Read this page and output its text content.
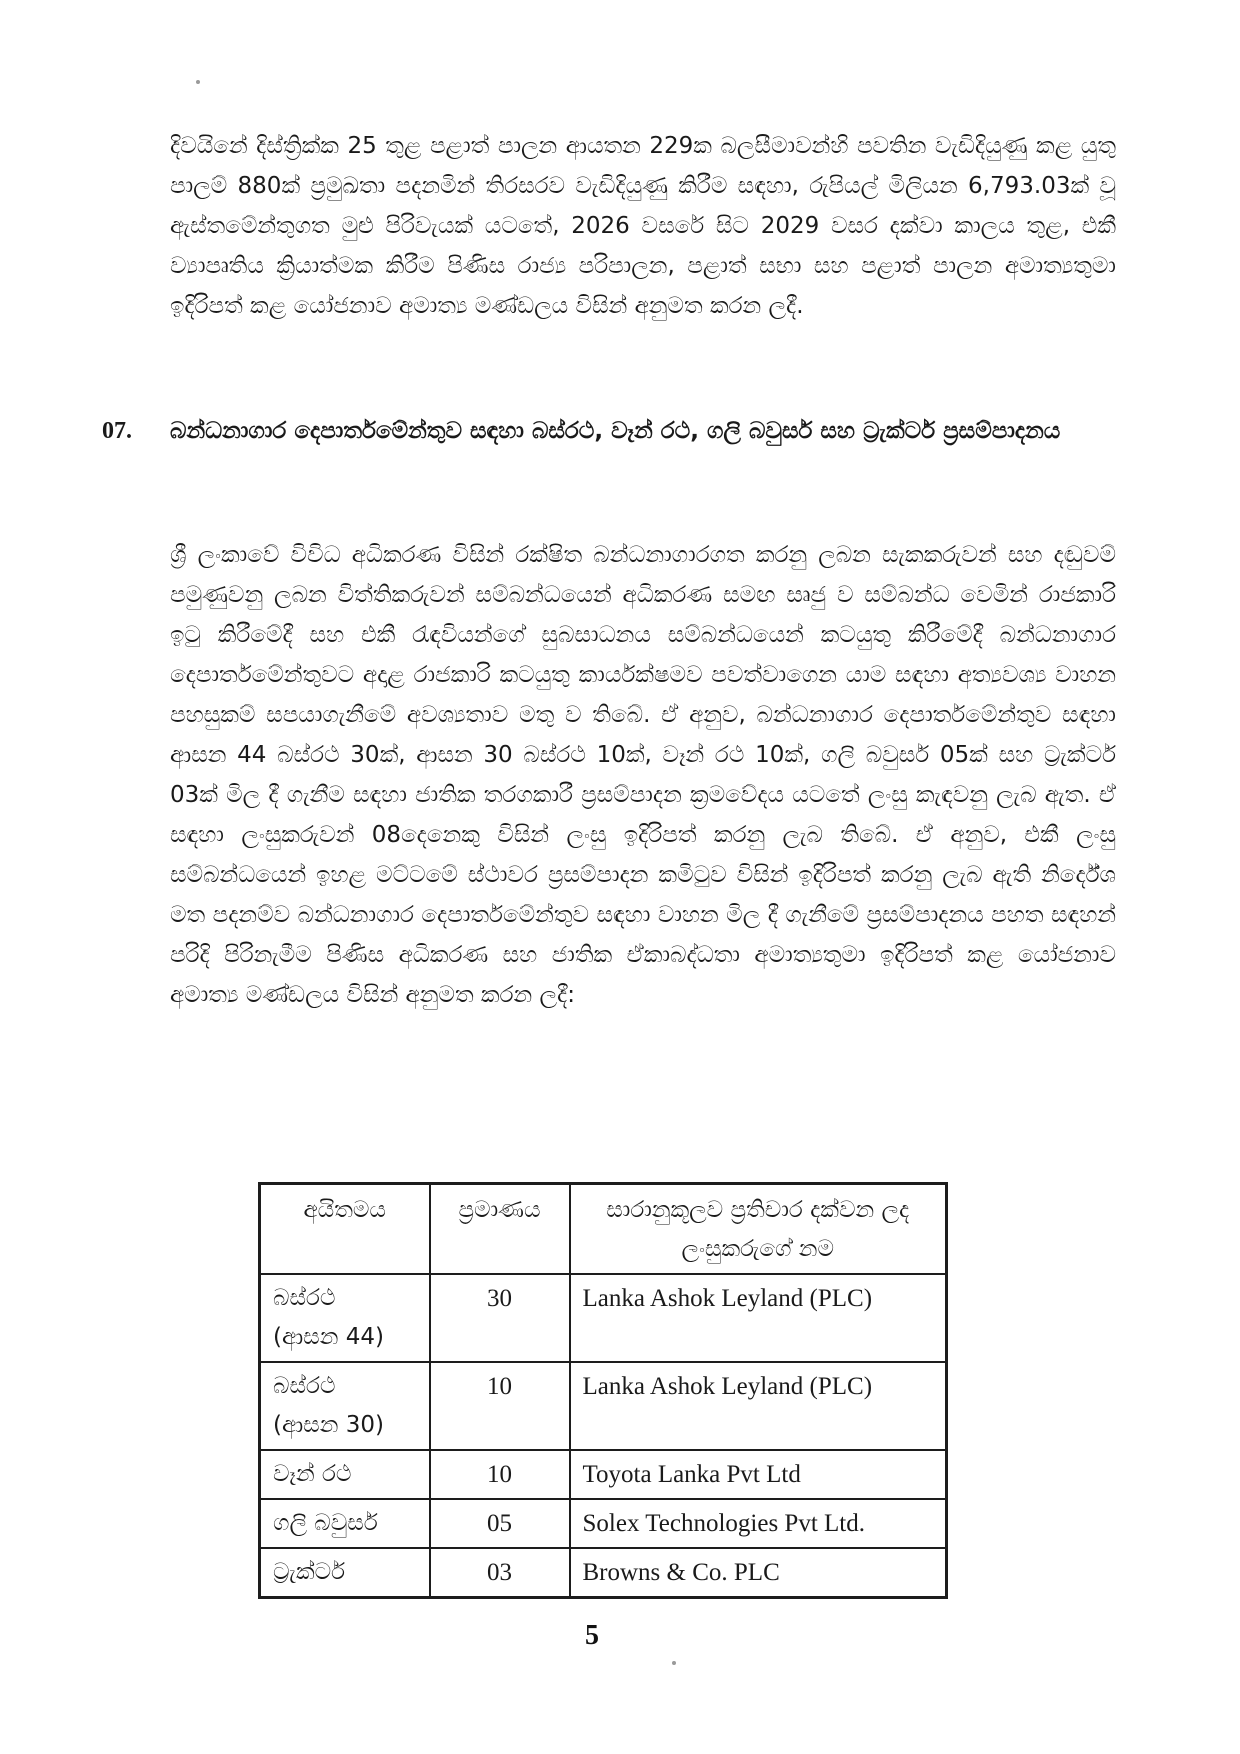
දිවයිනේ දිස්ත්‍රික්ක 25 තුළ පළාත් පාලන ආයතන 229ක බලසීමාවන්හි පවතින වැඩිදියුණු කළ යුතු පාලම් 880ක් ප්‍රමුඛතා පදනමින් තිරසරව වැඩිදියුණු කිරීම සඳහා, රුපියල් මිලියන 6,793.03ක් වූ ඇස්තමේන්තුගත මුළු පිරිවැයක් යටතේ, 2026 වසරේ සිට 2029 වසර දක්වා කාලය තුළ, එකී ව්‍යාපෘතිය ක්‍රියාත්මක කිරීම පිණිස රාජ්‍ය පරිපාලන, පළාත් සභා සහ පළාත් පාලන අමාත්‍යතුමා ඉදිරිපත් කළ යෝජනාව අමාත්‍ය මණ්ඩලය විසින් අනුමත කරන ලදී.

07.	බන්ධනාගාර දෙපාර්තමේන්තුව සඳහා බස්රථ, වෑන් රථ, ගලි බවුසර් සහ ට්‍රැක්ටර් ප්‍රසම්පාදනය

ශ්‍රී ලංකාවේ විවිධ අධිකරණ විසින් රක්ෂිත බන්ධනාගාරගත කරනු ලබන සැකකරුවන් සහ දඬුවම් පමුණුවනු ලබන විත්තිකරුවන් සම්බන්ධයෙන් අධිකරණ සමඟ සෘජු ව සම්බන්ධ වෙමින් රාජකාරි ඉටු කිරීමේදී සහ එකී රැඳවියන්ගේ සුබසාධනය සම්බන්ධයෙන් කටයුතු කිරීමේදී බන්ධනාගාර දෙපාර්තමේන්තුවට අදාළ රාජකාරි කටයුතු කාර්යක්ෂමව පවත්වාගෙන යාම සඳහා අත්‍යවශ්‍ය වාහන පහසුකම් සපයාගැනීමේ අවශ්‍යතාව මතු ව තිබේ. ඒ අනුව, බන්ධනාගාර දෙපාර්තමේන්තුව සඳහා ආසන 44 බස්රථ 30ක්, ආසන 30 බස්රථ 10ක්, වෑන් රථ 10ක්, ගලි බවුසර් 05ක් සහ ට්‍රැක්ටර් 03ක් මිල දී ගැනීම සඳහා ජාතික තරගකාරී ප්‍රසම්පාදන ක්‍රමවේදය යටතේ ලංසු කැඳවනු ලැබ ඇත. ඒ සඳහා ලංසුකරුවන් 08දෙනෙකු විසින් ලංසු ඉදිරිපත් කරනු ලැබ තිබේ. ඒ අනුව, එකී ලංසු සම්බන්ධයෙන් ඉහළ මට්ටමේ ස්ථාවර ප්‍රසම්පාදන කමිටුව විසින් ඉදිරිපත් කරනු ලැබ ඇති නිර්දේශ මත පදනම්ව බන්ධනාගාර දෙපාර්තමේන්තුව සඳහා වාහන මිල දී ගැනීමේ ප්‍රසම්පාදනය පහත සඳහන් පරිදි පිරිනැමීම පිණිස අධිකරණ සහ ජාතික ඒකාබද්ධතා අමාත්‍යතුමා ඉදිරිපත් කළ යෝජනාව අමාත්‍ය මණ්ඩලය විසින් අනුමත කරන ලදී:

අයිතමය	ප්‍රමාණය	සාරානුකූලව ප්‍රතිචාර දක්වන ලද ලංසුකරුගේ නම
බස්රථ
(ආසන 44)	30	Lanka Ashok Leyland (PLC)
බස්රථ
(ආසන 30)	10	Lanka Ashok Leyland (PLC)
වෑන් රථ	10	Toyota Lanka Pvt Ltd
ගලි බවුසර්	05	Solex Technologies Pvt Ltd.
ට්‍රැක්ටර්	03	Browns & Co. PLC
5
